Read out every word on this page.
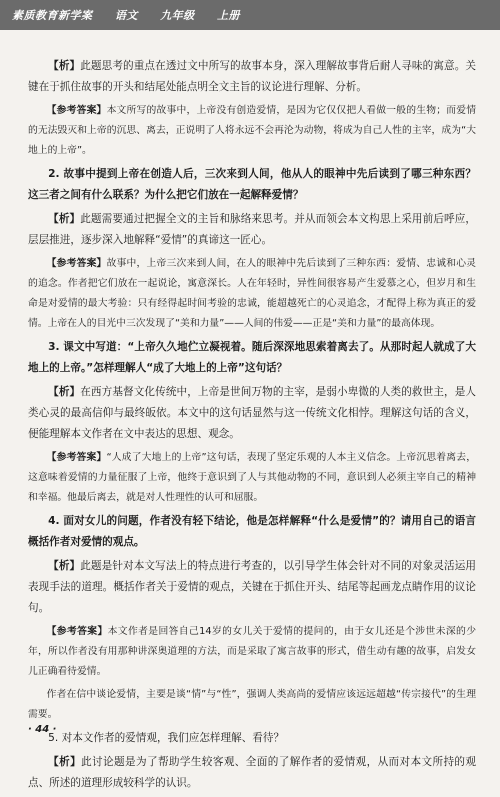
素质教育新学案 语文 九年级 上册

【析】此题思考的重点在透过文中所写的故事本身，深入理解故事背后耐人寻味的寓意。关键在于抓住故事的开头和结尾处能点明全文主旨的议论进行理解、分析。

【参考答案】本文所写的故事中，上帝没有创造爱情，是因为它仅仅把人看做一般的生物；而爱情的无法毁灭和上帝的沉思、离去，正说明了人将永远不会再沦为动物，将成为自己人性的主宰，成为“大地上的上帝”。

2. 故事中提到上帝在创造人后，三次来到人间，他从人的眼神中先后读到了哪三种东西？这三者之间有什么联系？为什么把它们放在一起解释爱情？

【析】此题需要通过把握全文的主旨和脉络来思考。并从而领会本文构思上采用前后呼应，层层推进，逐步深入地解释“爱情”的真谛这一匠心。

【参考答案】故事中，上帝三次来到人间，在人的眼神中先后读到了三种东西：爱情、忠诚和心灵的追念。作者把它们放在一起说论，寓意深长。人在年轻时，异性间很容易产生爱慕之心，但岁月和生命是对爱情的最大考验：只有经得起时间考验的忠诚，能超越死亡的心灵追念，才配得上称为真正的爱情。上帝在人的目光中三次发现了“美和力量”——人间的伟爱——正是“美和力量”的最高体现。

3. 课文中写道：“上帝久久地伫立凝视着。随后深深地思索着离去了。从那时起人就成了大地上的上帝。”怎样理解人“成了大地上的上帝”这句话？

【析】在西方基督文化传统中，上帝是世间万物的主宰，是弱小卑微的人类的救世主，是人类心灵的最高信仰与最终皈依。本文中的这句话显然与这一传统文化相悖。理解这句话的含义，便能理解本文作者在文中表达的思想、观念。

【参考答案】“人成了大地上的上帝”这句话，表现了坚定乐观的人本主义信念。上帝沉思着离去，这意味着爱情的力量征服了上帝，他终于意识到了人与其他动物的不同，意识到人必须主宰自己的精神和幸福。他最后离去，就是对人性理性的认可和屈服。

4. 面对女儿的问题，作者没有轻下结论，他是怎样解释“什么是爱情”的？请用自己的语言概括作者对爱情的观点。

【析】此题是针对本文写法上的特点进行考查的，以引导学生体会针对不同的对象灵活运用表现手法的道理。概括作者关于爱情的观点，关键在于抓住开头、结尾等起画龙点睛作用的议论句。

【参考答案】本文作者是回答自己14岁的女儿关于爱情的提问的，由于女儿还是个涉世未深的少年，所以作者没有用那种讲深奥道理的方法，而是采取了寓言故事的形式，借生动有趣的故事，启发女儿正确看待爱情。

作者在信中谈论爱情，主要是谈“情”与“性”，强调人类高尚的爱情应该远远超越“传宗接代”的生理需要。

5. 对本文作者的爱情观，我们应怎样理解、看待？

【析】此讨论题是为了帮助学生较客观、全面的了解作者的爱情观，从而对本文所持的观点、所述的道理形成较科学的认识。

· 44 ·
